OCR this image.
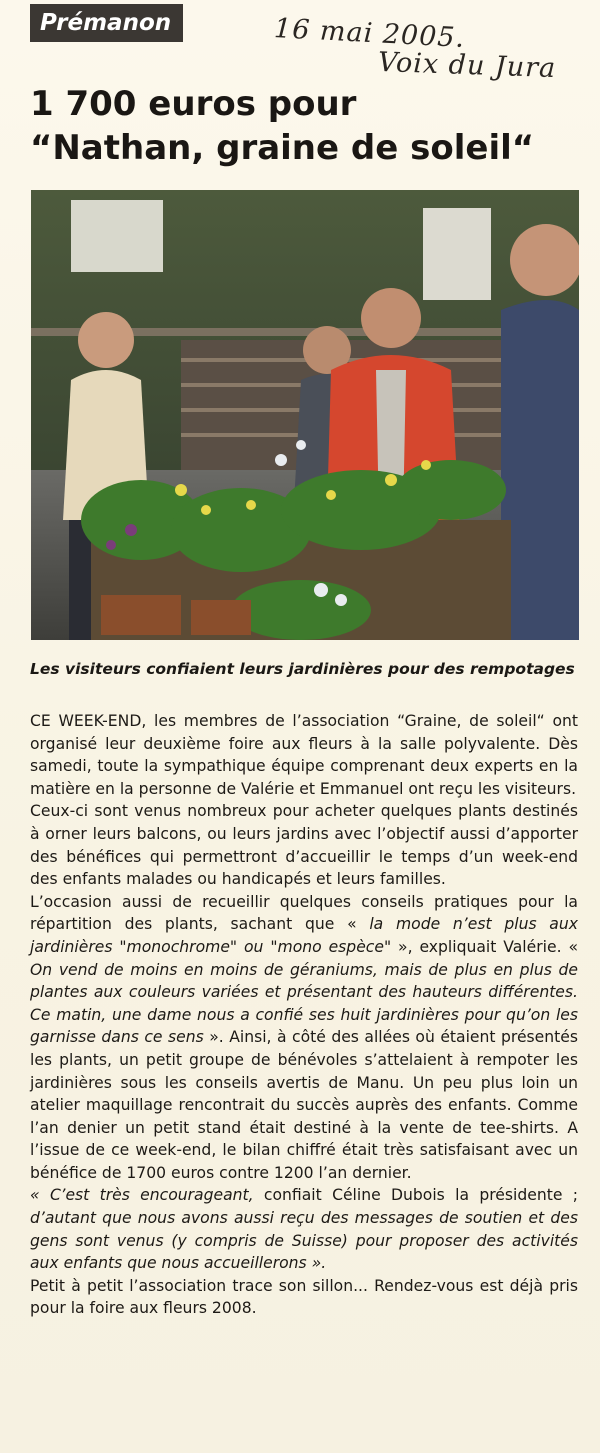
Prémanon	16 mai 2005.
Voix du Jura
1 700 euros pour
“Nathan, graine de soleil“
Les visiteurs confiaient leurs jardinières pour des rempotages

CE WEEK-END, les membres de l’association “Graine, de soleil“ ont organisé leur deuxième foire aux fleurs à la salle polyvalente. Dès samedi, toute la sympathique équipe comprenant deux experts en la matière en la personne de Valérie et Emmanuel ont reçu les visiteurs.

Ceux-ci sont venus nombreux pour acheter quelques plants destinés à orner leurs balcons, ou leurs jardins avec l’objectif aussi d’apporter des bénéfices qui permettront d’accueillir le temps d’un week-end des enfants malades ou handicapés et leurs familles.

L’occasion aussi de recueillir quelques conseils pratiques pour la répartition des plants, sachant que « la mode n’est plus aux jardinières "monochrome" ou "mono espèce" », expliquait Valérie. « On vend de moins en moins de géraniums, mais de plus en plus de plantes aux couleurs variées et présentant des hauteurs différentes. Ce matin, une dame nous a confié ses huit jardinières pour qu’on les garnisse dans ce sens ». Ainsi, à côté des allées où étaient présentés les plants, un petit groupe de bénévoles s’attelaient à rempoter les jardinières sous les conseils avertis de Manu. Un peu plus loin un atelier maquillage rencontrait du succès auprès des enfants. Comme l’an denier un petit stand était destiné à la vente de tee-shirts. A l’issue de ce week-end, le bilan chiffré était très satisfaisant avec un bénéfice de 1700 euros contre 1200 l’an dernier.

« C’est très encourageant, confiait Céline Dubois la présidente ; d’autant que nous avons aussi reçu des messages de soutien et des gens sont venus (y compris de Suisse) pour proposer des activités aux enfants que nous accueillerons ».

Petit à petit l’association trace son sillon... Rendez-vous est déjà pris pour la foire aux fleurs 2008.
